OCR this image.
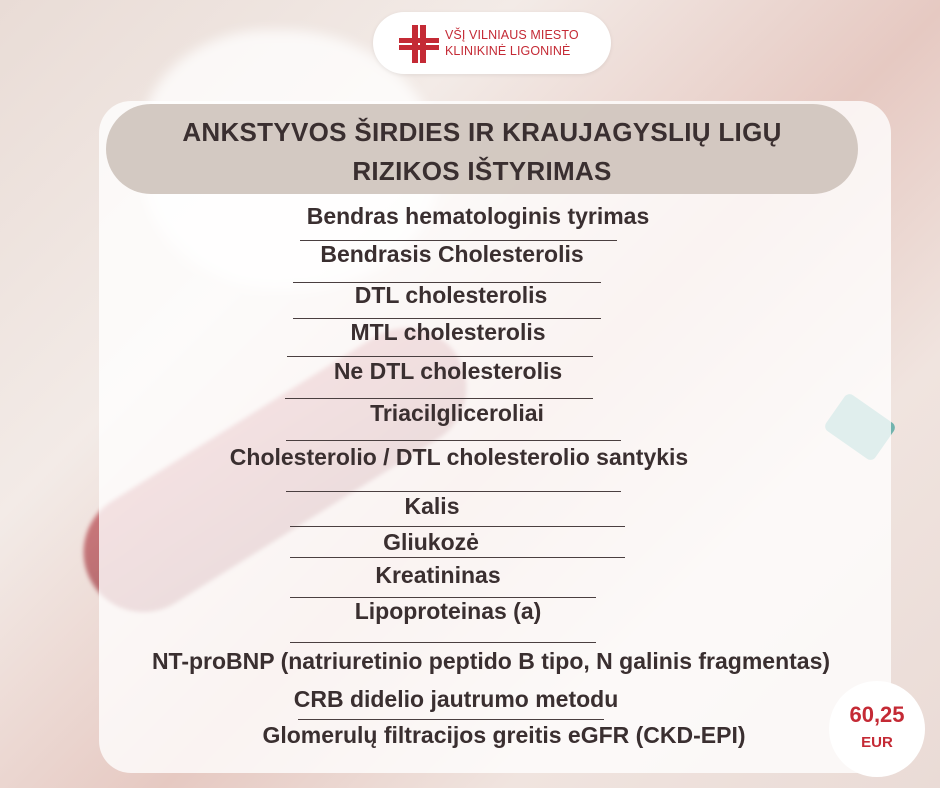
VŠĮ VILNIAUS MIESTO
KLINIKINĖ LIGONINĖ
ANKSTYVOS ŠIRDIES IR KRAUJAGYSLIŲ LIGŲ
RIZIKOS IŠTYRIMAS
Bendras hematologinis tyrimas
Bendrasis Cholesterolis
DTL cholesterolis
MTL cholesterolis
Ne DTL cholesterolis
Triacilgliceroliai
Cholesterolio / DTL cholesterolio santykis
Kalis
Gliukozė
Kreatininas
Lipoproteinas (a)
NT-proBNP (natriuretinio peptido B tipo, N galinis fragmentas)
CRB didelio jautrumo metodu
Glomerulų filtracijos greitis eGFR (CKD-EPI)
60,25
EUR
